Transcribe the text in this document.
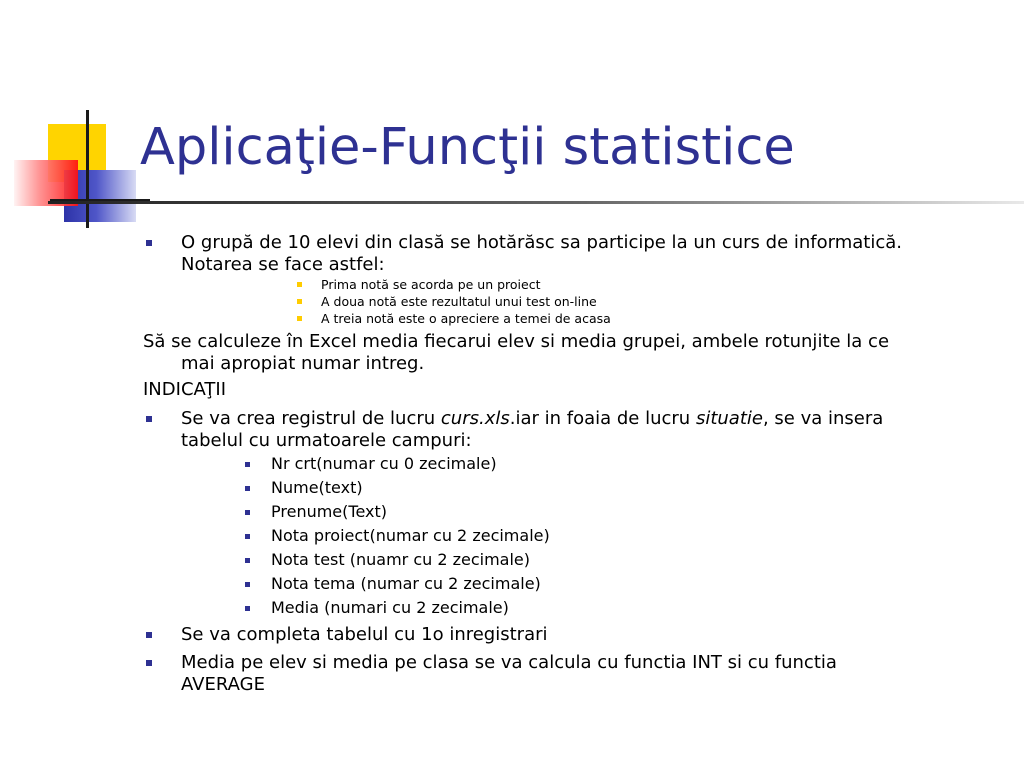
Aplicaţie-Funcţii statistice
O grupă de 10 elevi din clasă se hotărăsc sa participe la un curs de informatică.
Notarea se face astfel:
Prima notă se acorda pe un proiect
A doua notă este rezultatul unui test on-line
A treia notă este o apreciere a temei de acasa
Să se calculeze în Excel media fiecarui elev si media grupei, ambele rotunjite la ce
mai apropiat numar intreg.
INDICAŢII
Se va crea registrul de lucru curs.xls.iar in foaia de lucru situatie, se va insera
tabelul cu urmatoarele campuri:
Nr crt(numar cu 0 zecimale)
Nume(text)
Prenume(Text)
Nota proiect(numar cu 2 zecimale)
Nota test (nuamr cu 2 zecimale)
Nota tema (numar cu 2 zecimale)
Media (numari cu 2 zecimale)
Se va completa tabelul cu 1o inregistrari
Media pe elev si media pe clasa se va calcula cu functia INT si cu functia
AVERAGE
